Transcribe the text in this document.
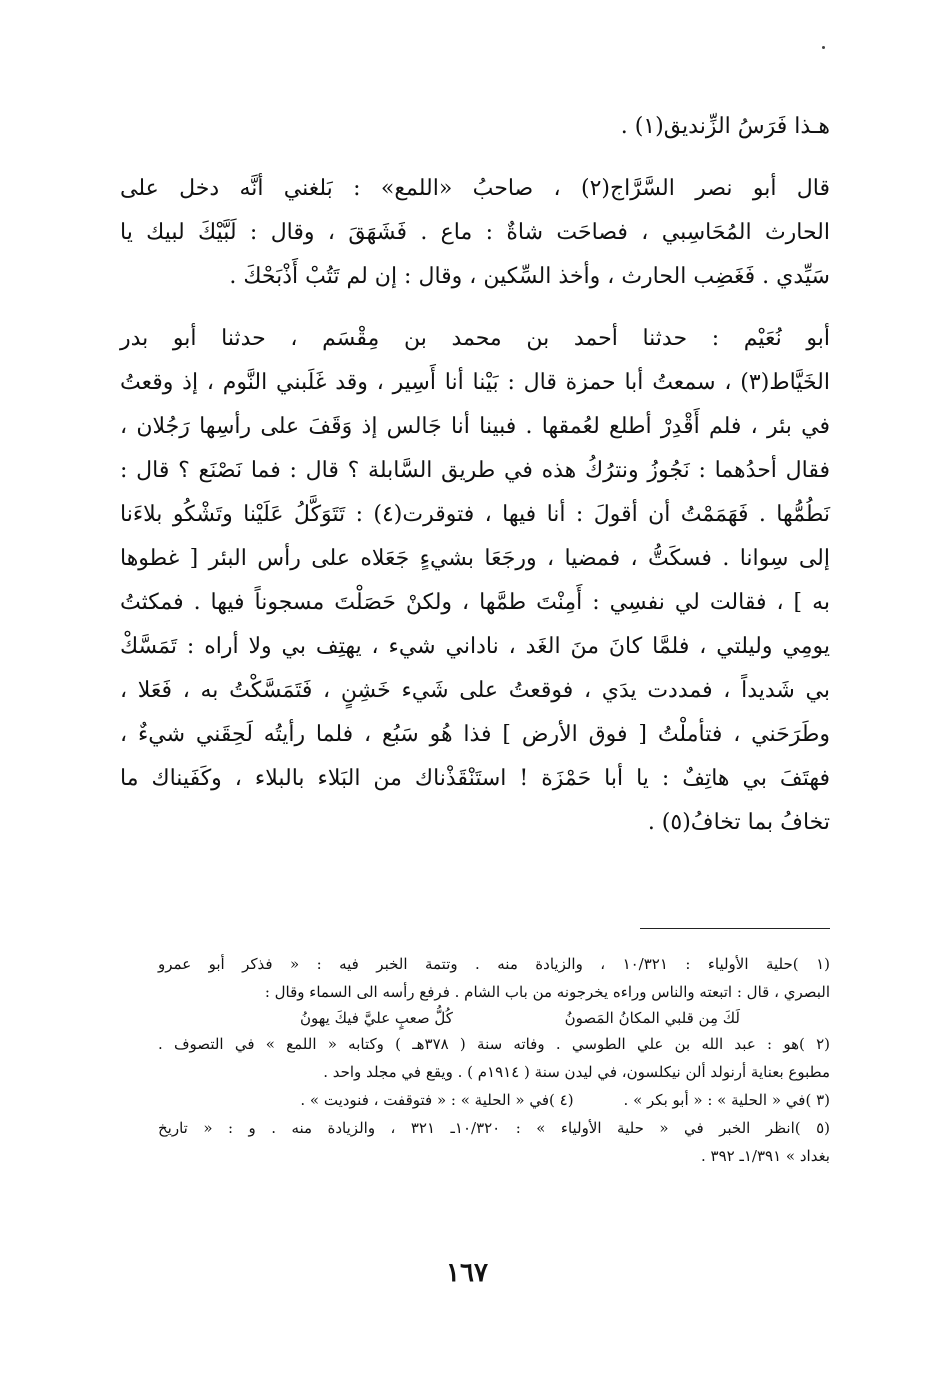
هـذا فَرَسُ الزِّنديق(١) .

قال أبو نصر السَّرَّاج(٢) ، صاحبُ «اللمع» : بَلغني أنَّه دخل على
الحارث المُحَاسِبي ، فصاحَت شاةٌ : ماع . فَشَهَقَ ، وقال : لَبَّيْكَ لبيك يا
سَيِّدي . فَغَضِب الحارث ، وأخذ السِّكين ، وقال : إن لم تَتُبْ أَذْبَحْكَ .

أبو نُعَيْم : حدثنا أحمد بن محمد بن مِقْسَم ، حدثنا أبو بدر
الخَيَّاط(٣) ، سمعتُ أبا حمزة قال : بَيْنا أنا أَسِير ، وقد غَلَبني النَّوم ، إذ وقعتُ
في بئر ، فلم أَقْدِرْ أطلع لعُمقها . فبينا أنا جَالس إذ وَقَفَ على رأسِها رَجُلان ،
فقال أحدُهما : نَجُوزُ ونترُكُ هذه في طريق السَّابلة ؟ قال : فما نَصْنَع ؟ قال :
نَطُمُّها . فَهَمَمْتُ أن أقولَ : أنا فيها ، فتوقرت(٤) : تَتَوَكَّلُ عَلَيْنا وتَشْكُو بلاءَنا
إلى سِوانا . فسكَتُّ ، فمضيا ، ورجَعَا بشيءٍ جَعَلاه على رأس البئر [ غطوها
به ] ، فقالت لي نفسِي : أَمِنْتَ طمَّها ، ولكنْ حَصَلْتَ مسجوناً فيها . فمكثتُ
يومِي وليلتي ، فلمَّا كانَ منَ الغَد ، ناداني شيء ، يهتِف بي ولا أراه : تَمَسَّكْ
بي شَديداً ، فمددت يدَي ، فوقعتُ على شَيء خَشِنٍ ، فَتَمَسَّكْتُ به ، فَعَلا ،
وطَرَحَني ، فتأملْتُ [ فوق الأرض ] فذا هُو سَبُع ، فلما رأيتُه لَحِقَني شيءٌ ،
فهتَفَ بي هاتِفٌ : يا أبا حَمْزَة ! استَنْقَذْناك من البَلاء بالبلاء ، وكَفَيناك ما
تخافُ بما تخافُ(٥) .

(١ )حلية الأولياء : ١٠/٣٢١ ، والزيادة منه . وتتمة الخبر فيه : « فذكر أبو عمرو
البصري ، قال : اتبعته والناس وراءه يخرجونه من باب الشام . فرفع رأسه الى السماء وقال :

لَكَ مِن قلبي المكانُ المَصونُ
كُلُّ صعبٍ عليَّ فيكَ يهونُ

(٢ )هو : عبد الله بن علي الطوسي . وفاته سنة ( ٣٧٨هـ ) وكتابه « اللمع » في التصوف .
مطبوع بعناية أرنولد ألن نيكلسون، في ليدن سنة ( ١٩١٤م ) . ويقع في مجلد واحد .

(٣ )في « الحلية » : « أبو بكر » .
(٤ )في « الحلية » : « فتوقفت ، فنوديت » .

(٥ )انظر الخبر في « حلية الأولياء » : ١٠/٣٢٠ـ ٣٢١ ، والزيادة منه . و : « تاريخ
بغداد » ١/٣٩١ـ ٣٩٢ .

١٦٧
